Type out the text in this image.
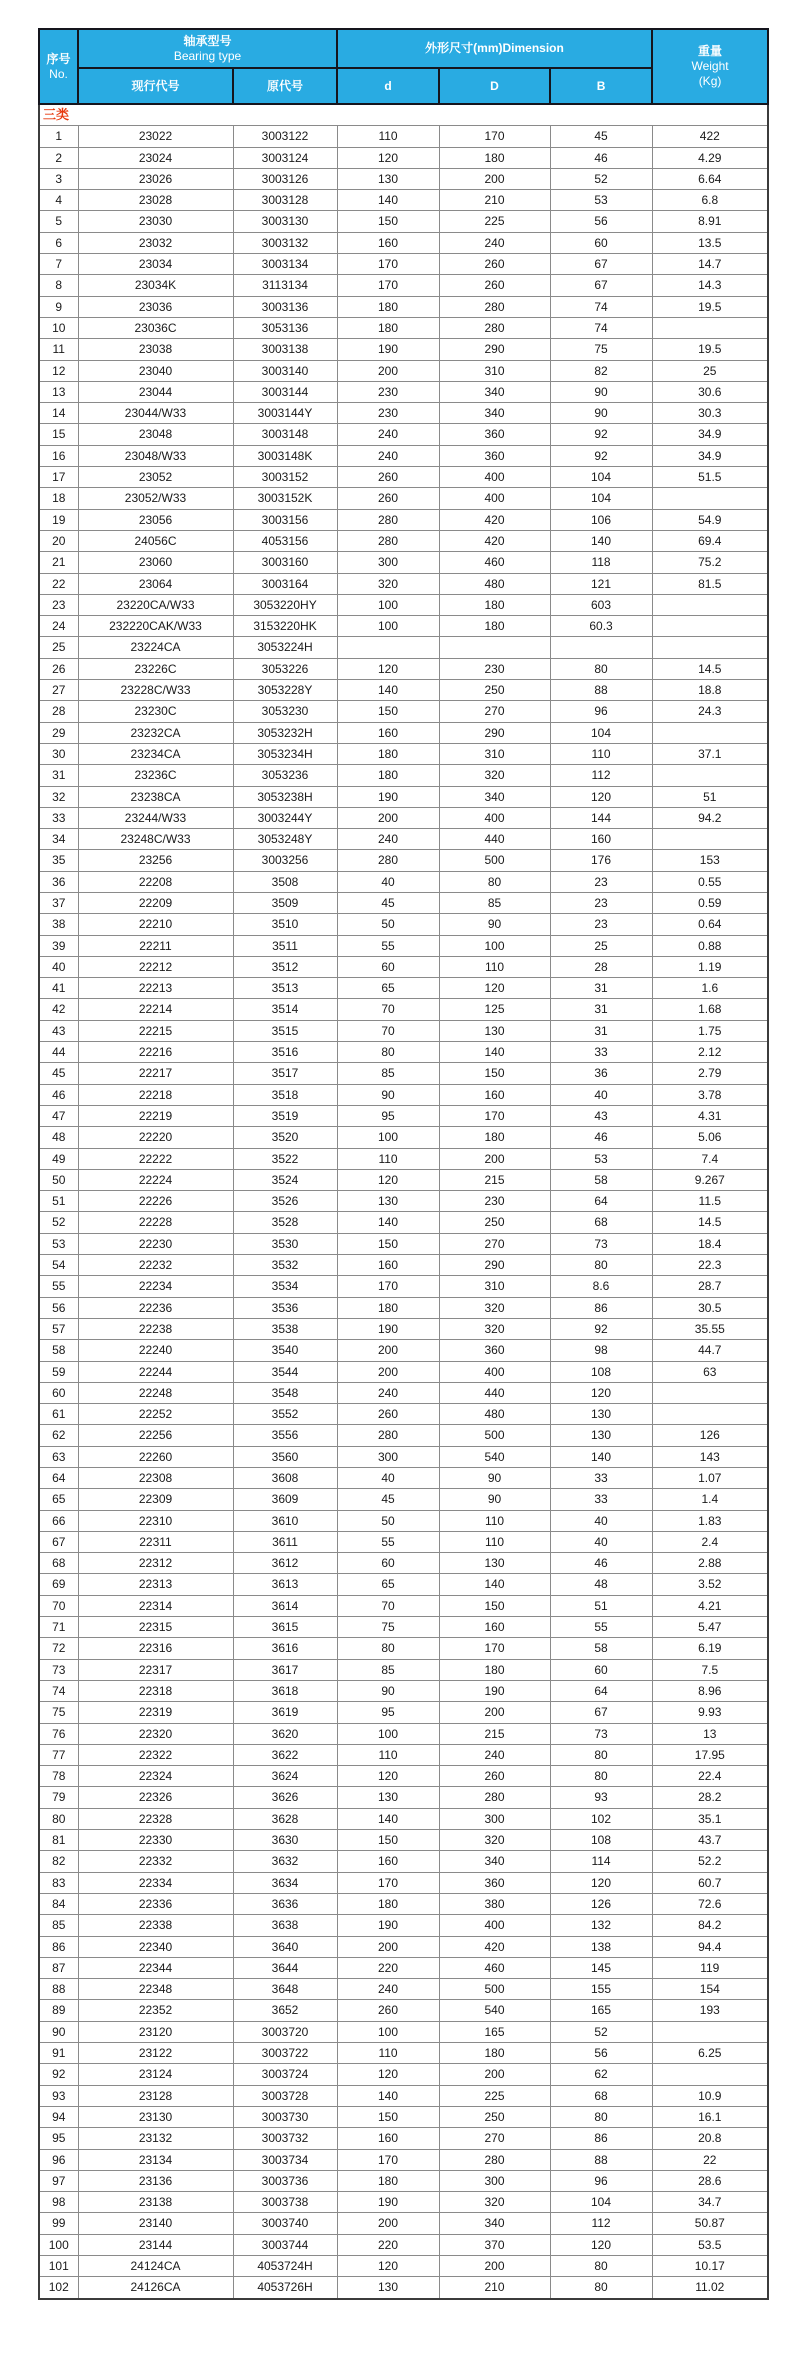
序号
No.

轴承型号
Bearing type
	外形尺寸(mm)Dimension	重量
Weight
(Kg)

	现行代号	原代号	d	D	B	
三类						
1	23022	3003122	110	170	45	422
2	23024	3003124	120	180	46	4.29
3	23026	3003126	130	200	52	6.64
4	23028	3003128	140	210	53	6.8
5	23030	3003130	150	225	56	8.91
6	23032	3003132	160	240	60	13.5
7	23034	3003134	170	260	67	14.7
8	23034K	3113134	170	260	67	14.3
9	23036	3003136	180	280	74	19.5
10	23036C	3053136	180	280	74	
11	23038	3003138	190	290	75	19.5
12	23040	3003140	200	310	82	25
13	23044	3003144	230	340	90	30.6
14	23044/W33	3003144Y	230	340	90	30.3
15	23048	3003148	240	360	92	34.9
16	23048/W33	3003148K	240	360	92	34.9
17	23052	3003152	260	400	104	51.5
18	23052/W33	3003152K	260	400	104	
19	23056	3003156	280	420	106	54.9
20	24056C	4053156	280	420	140	69.4
21	23060	3003160	300	460	118	75.2
22	23064	3003164	320	480	121	81.5
23	23220CA/W33	3053220HY	100	180	603	
24	232220CAK/W33	3153220HK	100	180	60.3	
25	23224CA	3053224H				
26	23226C	3053226	120	230	80	14.5
27	23228C/W33	3053228Y	140	250	88	18.8
28	23230C	3053230	150	270	96	24.3
29	23232CA	3053232H	160	290	104	
30	23234CA	3053234H	180	310	110	37.1
31	23236C	3053236	180	320	112	
32	23238CA	3053238H	190	340	120	51
33	23244/W33	3003244Y	200	400	144	94.2
34	23248C/W33	3053248Y	240	440	160	
35	23256	3003256	280	500	176	153
36	22208	3508	40	80	23	0.55
37	22209	3509	45	85	23	0.59
38	22210	3510	50	90	23	0.64
39	22211	3511	55	100	25	0.88
40	22212	3512	60	110	28	1.19
41	22213	3513	65	120	31	1.6
42	22214	3514	70	125	31	1.68
43	22215	3515	70	130	31	1.75
44	22216	3516	80	140	33	2.12
45	22217	3517	85	150	36	2.79
46	22218	3518	90	160	40	3.78
47	22219	3519	95	170	43	4.31
48	22220	3520	100	180	46	5.06
49	22222	3522	110	200	53	7.4
50	22224	3524	120	215	58	9.267
51	22226	3526	130	230	64	11.5
52	22228	3528	140	250	68	14.5
53	22230	3530	150	270	73	18.4
54	22232	3532	160	290	80	22.3
55	22234	3534	170	310	8.6	28.7
56	22236	3536	180	320	86	30.5
57	22238	3538	190	320	92	35.55
58	22240	3540	200	360	98	44.7
59	22244	3544	200	400	108	63
60	22248	3548	240	440	120	
61	22252	3552	260	480	130	
62	22256	3556	280	500	130	126
63	22260	3560	300	540	140	143
64	22308	3608	40	90	33	1.07
65	22309	3609	45	90	33	1.4
66	22310	3610	50	110	40	1.83
67	22311	3611	55	110	40	2.4
68	22312	3612	60	130	46	2.88
69	22313	3613	65	140	48	3.52
70	22314	3614	70	150	51	4.21
71	22315	3615	75	160	55	5.47
72	22316	3616	80	170	58	6.19
73	22317	3617	85	180	60	7.5
74	22318	3618	90	190	64	8.96
75	22319	3619	95	200	67	9.93
76	22320	3620	100	215	73	13
77	22322	3622	110	240	80	17.95
78	22324	3624	120	260	80	22.4
79	22326	3626	130	280	93	28.2
80	22328	3628	140	300	102	35.1
81	22330	3630	150	320	108	43.7
82	22332	3632	160	340	114	52.2
83	22334	3634	170	360	120	60.7
84	22336	3636	180	380	126	72.6
85	22338	3638	190	400	132	84.2
86	22340	3640	200	420	138	94.4
87	22344	3644	220	460	145	119
88	22348	3648	240	500	155	154
89	22352	3652	260	540	165	193
90	23120	3003720	100	165	52	
91	23122	3003722	110	180	56	6.25
92	23124	3003724	120	200	62	
93	23128	3003728	140	225	68	10.9
94	23130	3003730	150	250	80	16.1
95	23132	3003732	160	270	86	20.8
96	23134	3003734	170	280	88	22
97	23136	3003736	180	300	96	28.6
98	23138	3003738	190	320	104	34.7
99	23140	3003740	200	340	112	50.87
100	23144	3003744	220	370	120	53.5
101	24124CA	4053724H	120	200	80	10.17
102	24126CA	4053726H	130	210	80	11.02
